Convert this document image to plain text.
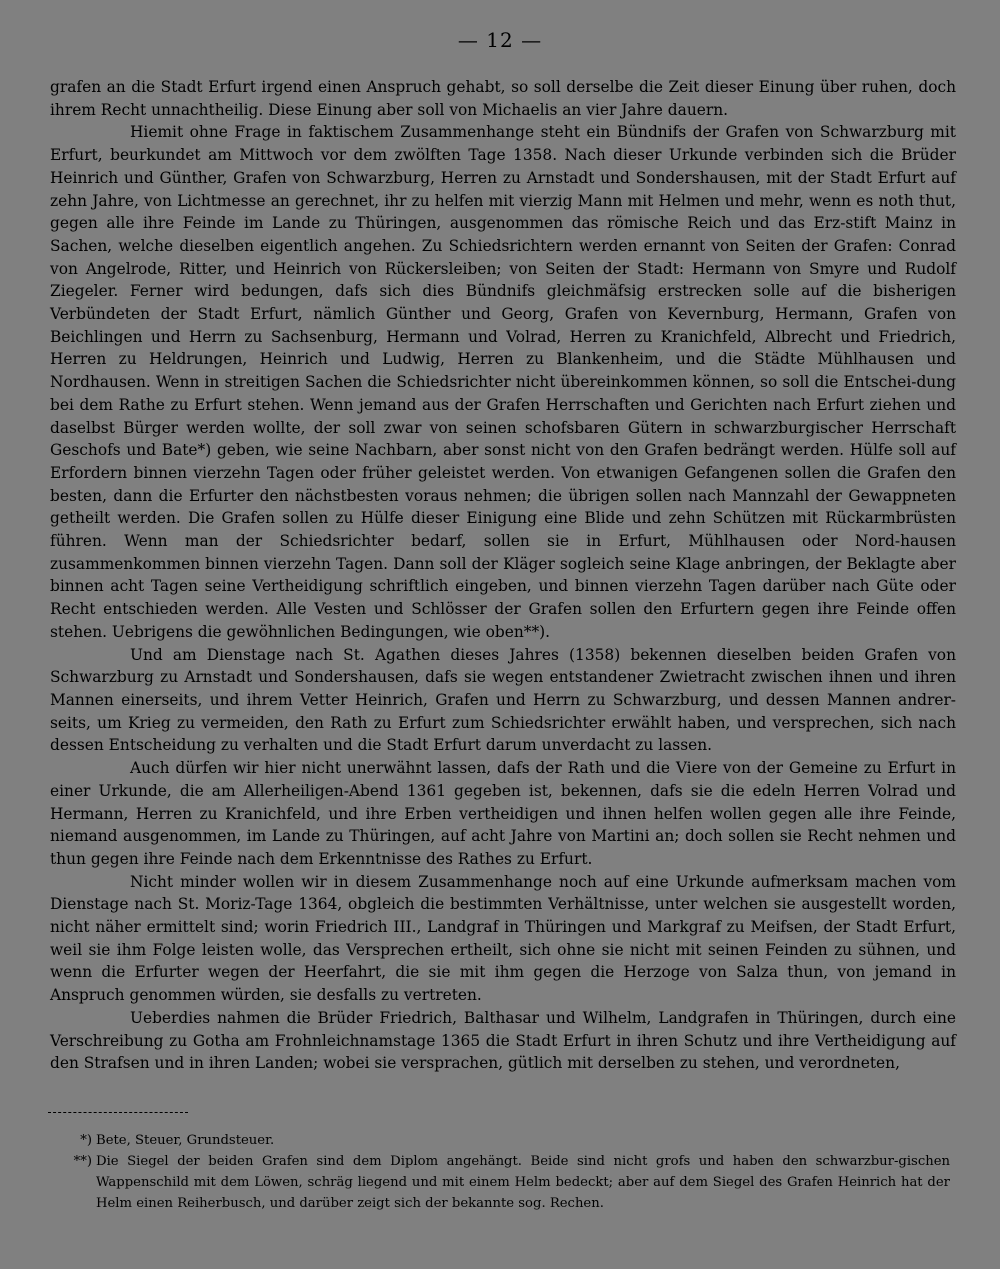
— 12 —

grafen an die Stadt Erfurt irgend einen Anspruch gehabt, so soll derselbe die Zeit dieser Einung über ruhen, doch ihrem Recht unnachtheilig. Diese Einung aber soll von Michaelis an vier Jahre dauern.

Hiemit ohne Frage in faktischem Zusammenhange steht ein Bündnifs der Grafen von Schwarzburg mit Erfurt, beurkundet am Mittwoch vor dem zwölften Tage 1358. Nach dieser Urkunde verbinden sich die Brüder Heinrich und Günther, Grafen von Schwarzburg, Herren zu Arnstadt und Sondershausen, mit der Stadt Erfurt auf zehn Jahre, von Lichtmesse an gerechnet, ihr zu helfen mit vierzig Mann mit Helmen und mehr, wenn es noth thut, gegen alle ihre Feinde im Lande zu Thüringen, ausgenommen das römische Reich und das Erz-stift Mainz in Sachen, welche dieselben eigentlich angehen. Zu Schiedsrichtern werden ernannt von Seiten der Grafen: Conrad von Angelrode, Ritter, und Heinrich von Rückersleiben; von Seiten der Stadt: Hermann von Smyre und Rudolf Ziegeler. Ferner wird bedungen, dafs sich dies Bündnifs gleichmäfsig erstrecken solle auf die bisherigen Verbündeten der Stadt Erfurt, nämlich Günther und Georg, Grafen von Kevernburg, Hermann, Grafen von Beichlingen und Herrn zu Sachsenburg, Hermann und Volrad, Herren zu Kranichfeld, Albrecht und Friedrich, Herren zu Heldrungen, Heinrich und Ludwig, Herren zu Blankenheim, und die Städte Mühlhausen und Nordhausen. Wenn in streitigen Sachen die Schiedsrichter nicht übereinkommen können, so soll die Entschei-dung bei dem Rathe zu Erfurt stehen. Wenn jemand aus der Grafen Herrschaften und Gerichten nach Erfurt ziehen und daselbst Bürger werden wollte, der soll zwar von seinen schofsbaren Gütern in schwarzburgischer Herrschaft Geschofs und Bate*) geben, wie seine Nachbarn, aber sonst nicht von den Grafen bedrängt werden. Hülfe soll auf Erfordern binnen vierzehn Tagen oder früher geleistet werden. Von etwanigen Gefangenen sollen die Grafen den besten, dann die Erfurter den nächstbesten voraus nehmen; die übrigen sollen nach Mannzahl der Gewappneten getheilt werden. Die Grafen sollen zu Hülfe dieser Einigung eine Blide und zehn Schützen mit Rückarmbrüsten führen. Wenn man der Schiedsrichter bedarf, sollen sie in Erfurt, Mühlhausen oder Nord-hausen zusammenkommen binnen vierzehn Tagen. Dann soll der Kläger sogleich seine Klage anbringen, der Beklagte aber binnen acht Tagen seine Vertheidigung schriftlich eingeben, und binnen vierzehn Tagen darüber nach Güte oder Recht entschieden werden. Alle Vesten und Schlösser der Grafen sollen den Erfurtern gegen ihre Feinde offen stehen. Uebrigens die gewöhnlichen Bedingungen, wie oben**).

Und am Dienstage nach St. Agathen dieses Jahres (1358) bekennen dieselben beiden Grafen von Schwarzburg zu Arnstadt und Sondershausen, dafs sie wegen entstandener Zwietracht zwischen ihnen und ihren Mannen einerseits, und ihrem Vetter Heinrich, Grafen und Herrn zu Schwarzburg, und dessen Mannen andrer-seits, um Krieg zu vermeiden, den Rath zu Erfurt zum Schiedsrichter erwählt haben, und versprechen, sich nach dessen Entscheidung zu verhalten und die Stadt Erfurt darum unverdacht zu lassen.

Auch dürfen wir hier nicht unerwähnt lassen, dafs der Rath und die Viere von der Gemeine zu Erfurt in einer Urkunde, die am Allerheiligen-Abend 1361 gegeben ist, bekennen, dafs sie die edeln Herren Volrad und Hermann, Herren zu Kranichfeld, und ihre Erben vertheidigen und ihnen helfen wollen gegen alle ihre Feinde, niemand ausgenommen, im Lande zu Thüringen, auf acht Jahre von Martini an; doch sollen sie Recht nehmen und thun gegen ihre Feinde nach dem Erkenntnisse des Rathes zu Erfurt.

Nicht minder wollen wir in diesem Zusammenhange noch auf eine Urkunde aufmerksam machen vom Dienstage nach St. Moriz-Tage 1364, obgleich die bestimmten Verhältnisse, unter welchen sie ausgestellt worden, nicht näher ermittelt sind; worin Friedrich III., Landgraf in Thüringen und Markgraf zu Meifsen, der Stadt Erfurt, weil sie ihm Folge leisten wolle, das Versprechen ertheilt, sich ohne sie nicht mit seinen Feinden zu sühnen, und wenn die Erfurter wegen der Heerfahrt, die sie mit ihm gegen die Herzoge von Salza thun, von jemand in Anspruch genommen würden, sie desfalls zu vertreten.

Ueberdies nahmen die Brüder Friedrich, Balthasar und Wilhelm, Landgrafen in Thüringen, durch eine Verschreibung zu Gotha am Frohnleichnamstage 1365 die Stadt Erfurt in ihren Schutz und ihre Vertheidigung auf den Strafsen und in ihren Landen; wobei sie versprachen, gütlich mit derselben zu stehen, und verordneten,

*) Bete, Steuer, Grundsteuer.
**) Die Siegel der beiden Grafen sind dem Diplom angehängt. Beide sind nicht grofs und haben den schwarzbur-gischen Wappenschild mit dem Löwen, schräg liegend und mit einem Helm bedeckt; aber auf dem Siegel des Grafen Heinrich hat der Helm einen Reiherbusch, und darüber zeigt sich der bekannte sog. Rechen.
